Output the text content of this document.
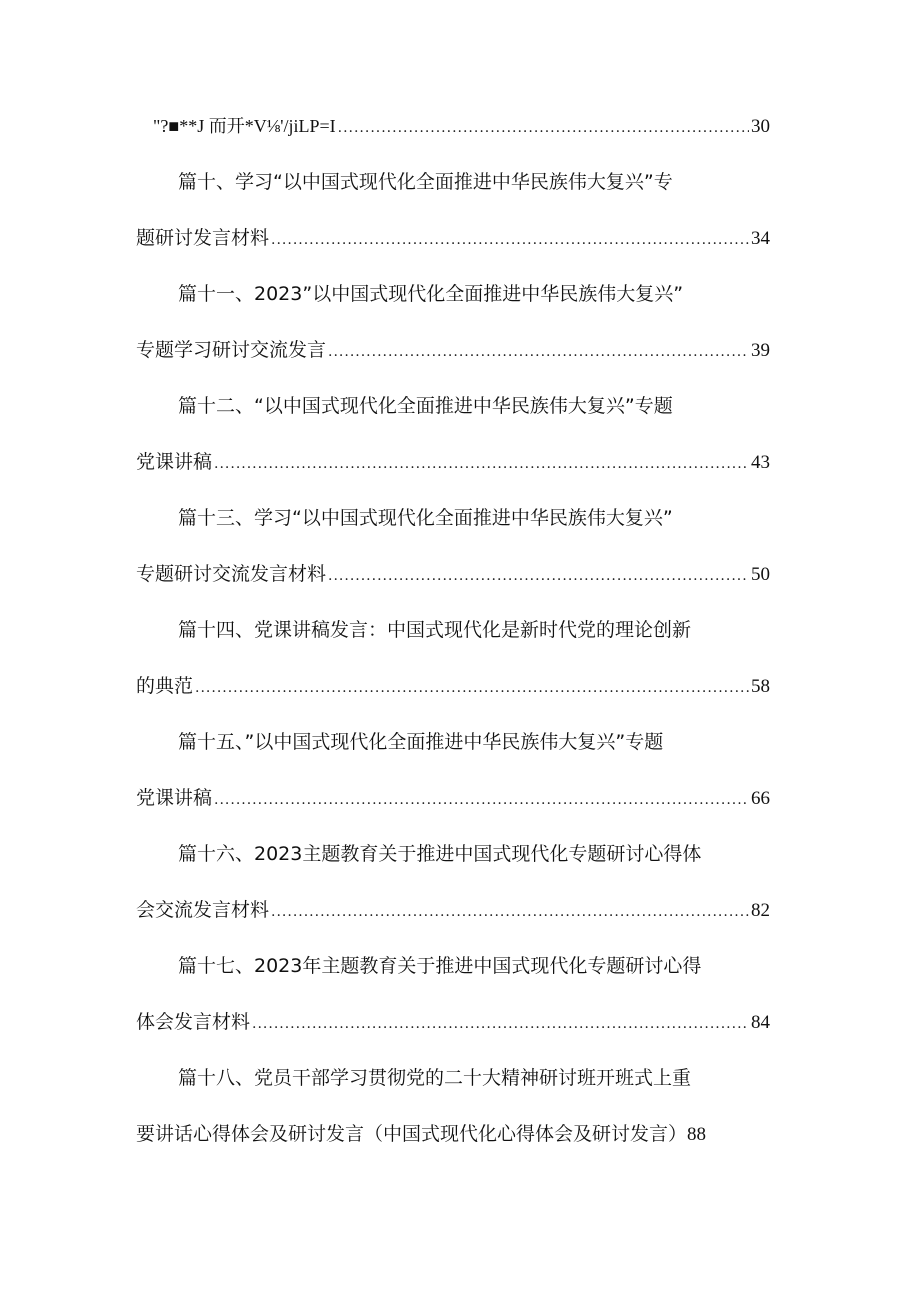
"?■**J 而开*V⅛'/jiLP=I .....	30
篇十、学习“以中国式现代化全面推进中华民族伟大复兴”专
题研讨发言材料 .....	34
篇十一、2023”以中国式现代化全面推进中华民族伟大复兴”
专题学习研讨交流发言 .....	39
篇十二、“以中国式现代化全面推进中华民族伟大复兴”专题
党课讲稿 .....	43
篇十三、学习“以中国式现代化全面推进中华民族伟大复兴”
专题研讨交流发言材料 .....	50
篇十四、党课讲稿发言：中国式现代化是新时代党的理论创新
的典范 .....	58
篇十五、”以中国式现代化全面推进中华民族伟大复兴”专题
党课讲稿 .....	66
篇十六、2023主题教育关于推进中国式现代化专题研讨心得体
会交流发言材料 .....	82
篇十七、2023年主题教育关于推进中国式现代化专题研讨心得
体会发言材料 .....	84
篇十八、党员干部学习贯彻党的二十大精神研讨班开班式上重
要讲话心得体会及研讨发言（中国式现代化心得体会及研讨发言）88
